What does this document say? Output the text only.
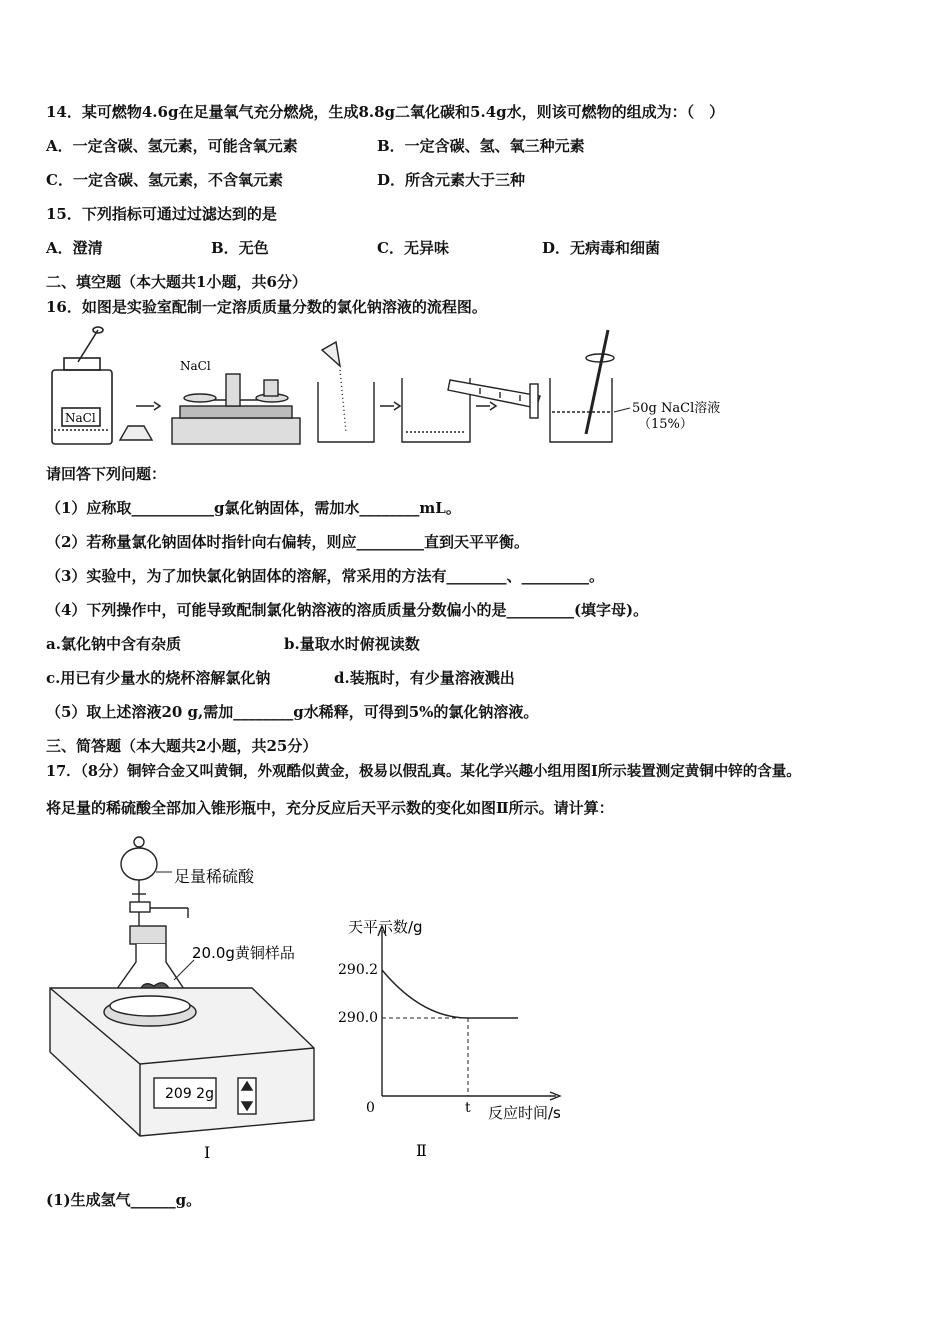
14．某可燃物4.6g在足量氧气充分燃烧，生成8.8g二氧化碳和5.4g水，则该可燃物的组成为：（　）
A．一定含碳、氢元素，可能含氧元素	B．一定含碳、氢、氧三种元素
C．一定含碳、氢元素，不含氧元素	D．所含元素大于三种
15．下列指标可通过过滤达到的是
A．澄清	B．无色	C．无异味	D．无病毒和细菌
二、填空题（本大题共1小题，共6分）
16．如图是实验室配制一定溶质质量分数的氯化钠溶液的流程图。
NaCl
NaCl
50g NaCl溶液
（15%）
请回答下列问题：
（1）应称取___________g氯化钠固体，需加水________mL。
（2）若称量氯化钠固体时指针向右偏转，则应_________直到天平平衡。
（3）实验中，为了加快氯化钠固体的溶解，常采用的方法有________、_________。
（4）下列操作中，可能导致配制氯化钠溶液的溶质质量分数偏小的是_________(填字母)。
a.氯化钠中含有杂质	b.量取水时俯视读数
c.用已有少量水的烧杯溶解氯化钠	d.装瓶时，有少量溶液溅出
（5）取上述溶液20 g,需加________g水稀释，可得到5%的氯化钠溶液。
三、简答题（本大题共2小题，共25分）
17．（8分）铜锌合金又叫黄铜，外观酷似黄金，极易以假乱真。某化学兴趣小组用图Ⅰ所示装置测定黄铜中锌的含量。
将足量的稀硫酸全部加入锥形瓶中，充分反应后天平示数的变化如图Ⅱ所示。请计算：
足量稀硫酸
20.0g黄铜样品
209 2g
Ⅰ
290.2
290.0
0	t
天平示数/g
反应时间/s
Ⅱ
(1)生成氢气______g。
